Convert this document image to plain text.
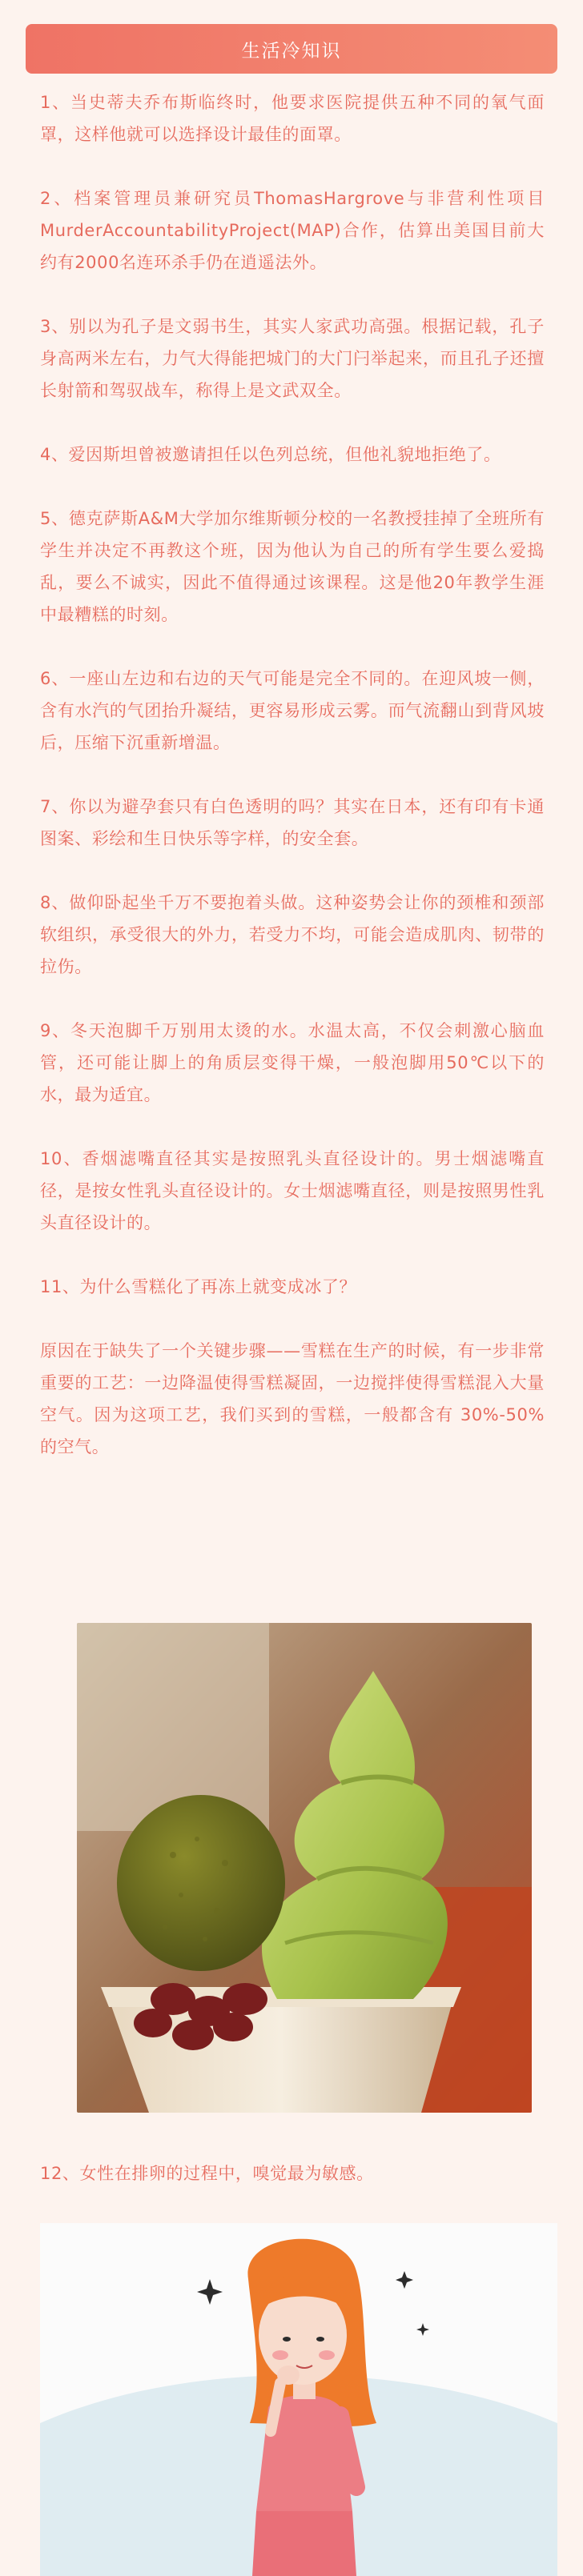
生活冷知识

1、当史蒂夫乔布斯临终时，他要求医院提供五种不同的氧气面罩，这样他就可以选择设计最佳的面罩。

2、档案管理员兼研究员ThomasHargrove与非营利性项目MurderAccountabilityProject(MAP)合作，估算出美国目前大约有2000名连环杀手仍在逍遥法外。

3、别以为孔子是文弱书生，其实人家武功高强。根据记载，孔子身高两米左右，力气大得能把城门的大门闩举起来，而且孔子还擅长射箭和驾驭战车，称得上是文武双全。

4、爱因斯坦曾被邀请担任以色列总统，但他礼貌地拒绝了。

5、德克萨斯A&M大学加尔维斯顿分校的一名教授挂掉了全班所有学生并决定不再教这个班，因为他认为自己的所有学生要么爱捣乱，要么不诚实，因此不值得通过该课程。这是他20年教学生涯中最糟糕的时刻。

6、一座山左边和右边的天气可能是完全不同的。在迎风坡一侧，含有水汽的气团抬升凝结，更容易形成云雾。而气流翻山到背风坡后，压缩下沉重新增温。

7、你以为避孕套只有白色透明的吗？其实在日本，还有印有卡通图案、彩绘和生日快乐等字样，的安全套。

8、做仰卧起坐千万不要抱着头做。这种姿势会让你的颈椎和颈部软组织，承受很大的外力，若受力不均，可能会造成肌肉、韧带的拉伤。

9、冬天泡脚千万别用太烫的水。水温太高，不仅会刺激心脑血管，还可能让脚上的角质层变得干燥，一般泡脚用50℃以下的水，最为适宜。

10、香烟滤嘴直径其实是按照乳头直径设计的。男士烟滤嘴直径，是按女性乳头直径设计的。女士烟滤嘴直径，则是按照男性乳头直径设计的。

11、为什么雪糕化了再冻上就变成冰了？

原因在于缺失了一个关键步骤——雪糕在生产的时候，有一步非常重要的工艺：一边降温使得雪糕凝固，一边搅拌使得雪糕混入大量空气。因为这项工艺，我们买到的雪糕，一般都含有 30%-50% 的空气。

12、女性在排卵的过程中，嗅觉最为敏感。
